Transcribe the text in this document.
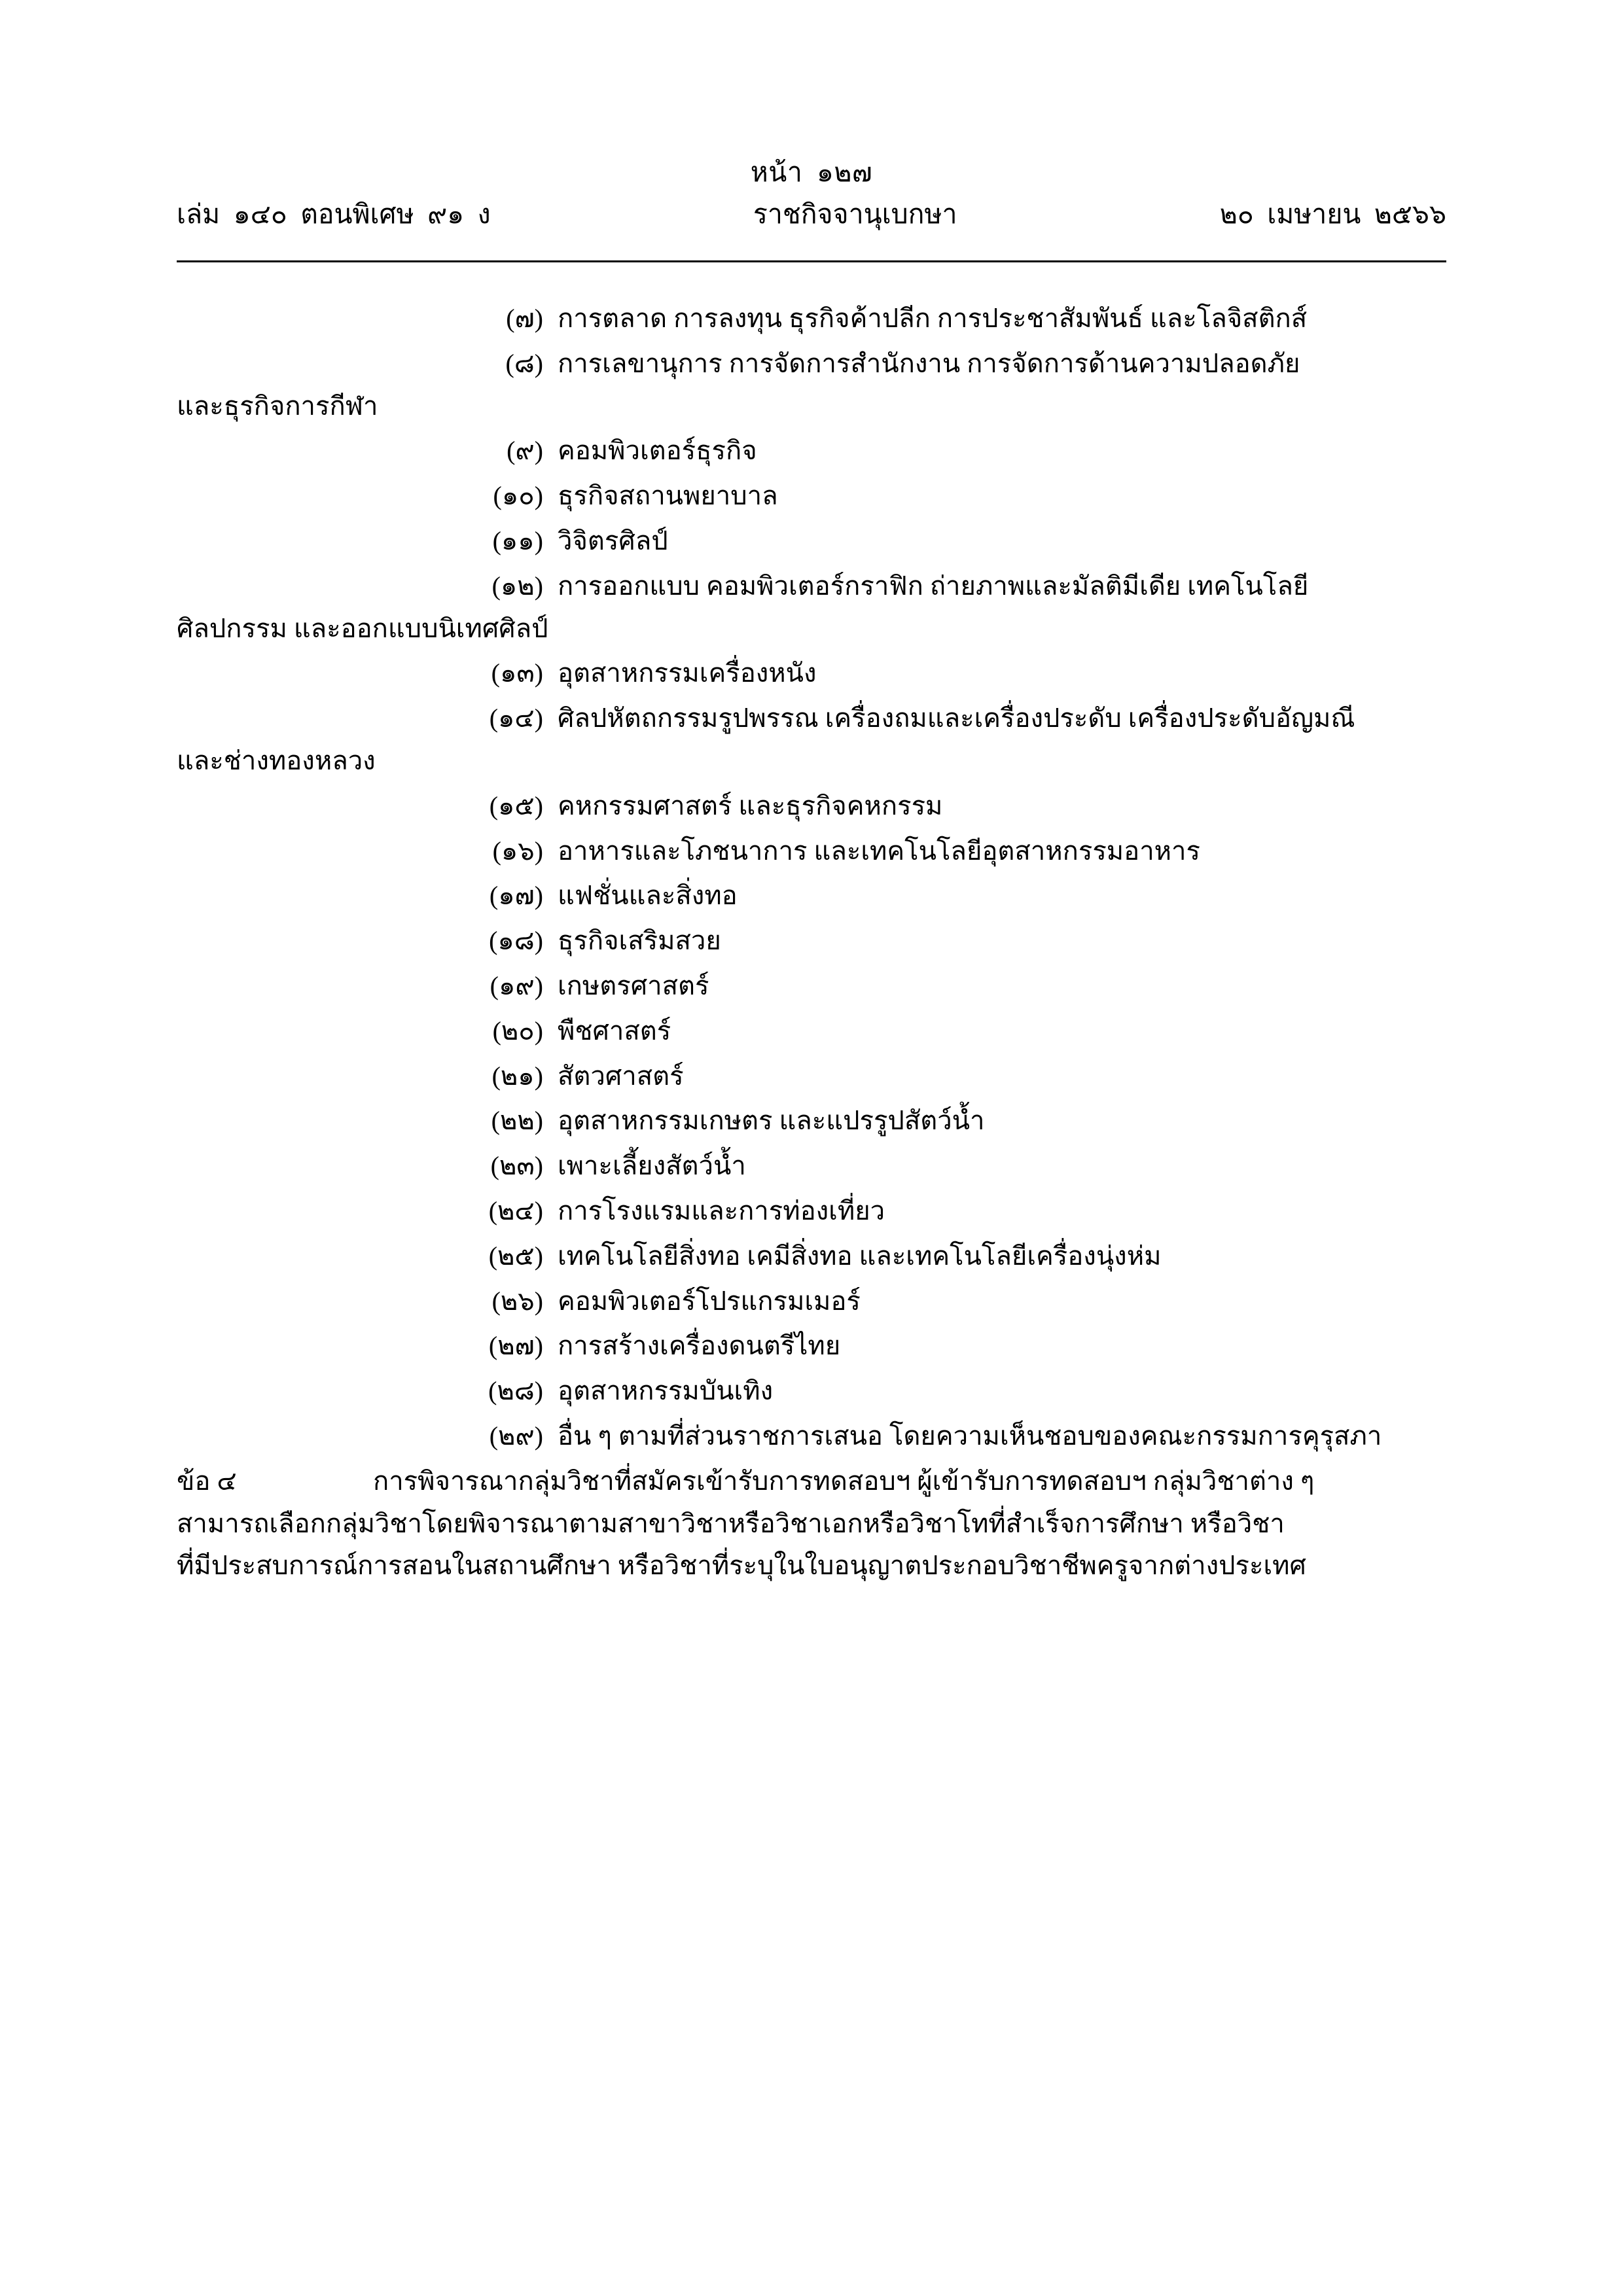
หน้า  ๑๒๗
เล่ม  ๑๔๐  ตอนพิเศษ  ๙๑  ง	ราชกิจจานุเบกษา	๒๐  เมษายน  ๒๕๖๖
(๗) การตลาด การลงทุน ธุรกิจค้าปลีก การประชาสัมพันธ์ และโลจิสติกส์
(๘) การเลขานุการ การจัดการสำนักงาน การจัดการด้านความปลอดภัย
และธุรกิจการกีฬา
(๙) คอมพิวเตอร์ธุรกิจ
(๑๐) ธุรกิจสถานพยาบาล
(๑๑) วิจิตรศิลป์
(๑๒) การออกแบบ คอมพิวเตอร์กราฟิก ถ่ายภาพและมัลติมีเดีย เทคโนโลยี
ศิลปกรรม และออกแบบนิเทศศิลป์
(๑๓) อุตสาหกรรมเครื่องหนัง
(๑๔) ศิลปหัตถกรรมรูปพรรณ เครื่องถมและเครื่องประดับ เครื่องประดับอัญมณี
และช่างทองหลวง
(๑๕) คหกรรมศาสตร์ และธุรกิจคหกรรม
(๑๖) อาหารและโภชนาการ และเทคโนโลยีอุตสาหกรรมอาหาร
(๑๗) แฟชั่นและสิ่งทอ
(๑๘) ธุรกิจเสริมสวย
(๑๙) เกษตรศาสตร์
(๒๐) พืชศาสตร์
(๒๑) สัตวศาสตร์
(๒๒) อุตสาหกรรมเกษตร และแปรรูปสัตว์น้ำ
(๒๓) เพาะเลี้ยงสัตว์น้ำ
(๒๔) การโรงแรมและการท่องเที่ยว
(๒๕) เทคโนโลยีสิ่งทอ เคมีสิ่งทอ และเทคโนโลยีเครื่องนุ่งห่ม
(๒๖) คอมพิวเตอร์โปรแกรมเมอร์
(๒๗) การสร้างเครื่องดนตรีไทย
(๒๘) อุตสาหกรรมบันเทิง
(๒๙) อื่น ๆ ตามที่ส่วนราชการเสนอ โดยความเห็นชอบของคณะกรรมการคุรุสภา
ข้อ ๔	การพิจารณากลุ่มวิชาที่สมัครเข้ารับการทดสอบฯ ผู้เข้ารับการทดสอบฯ กลุ่มวิชาต่าง ๆ
สามารถเลือกกลุ่มวิชาโดยพิจารณาตามสาขาวิชาหรือวิชาเอกหรือวิชาโทที่สำเร็จการศึกษา หรือวิชา
ที่มีประสบการณ์การสอนในสถานศึกษา หรือวิชาที่ระบุในใบอนุญาตประกอบวิชาชีพครูจากต่างประเทศ
